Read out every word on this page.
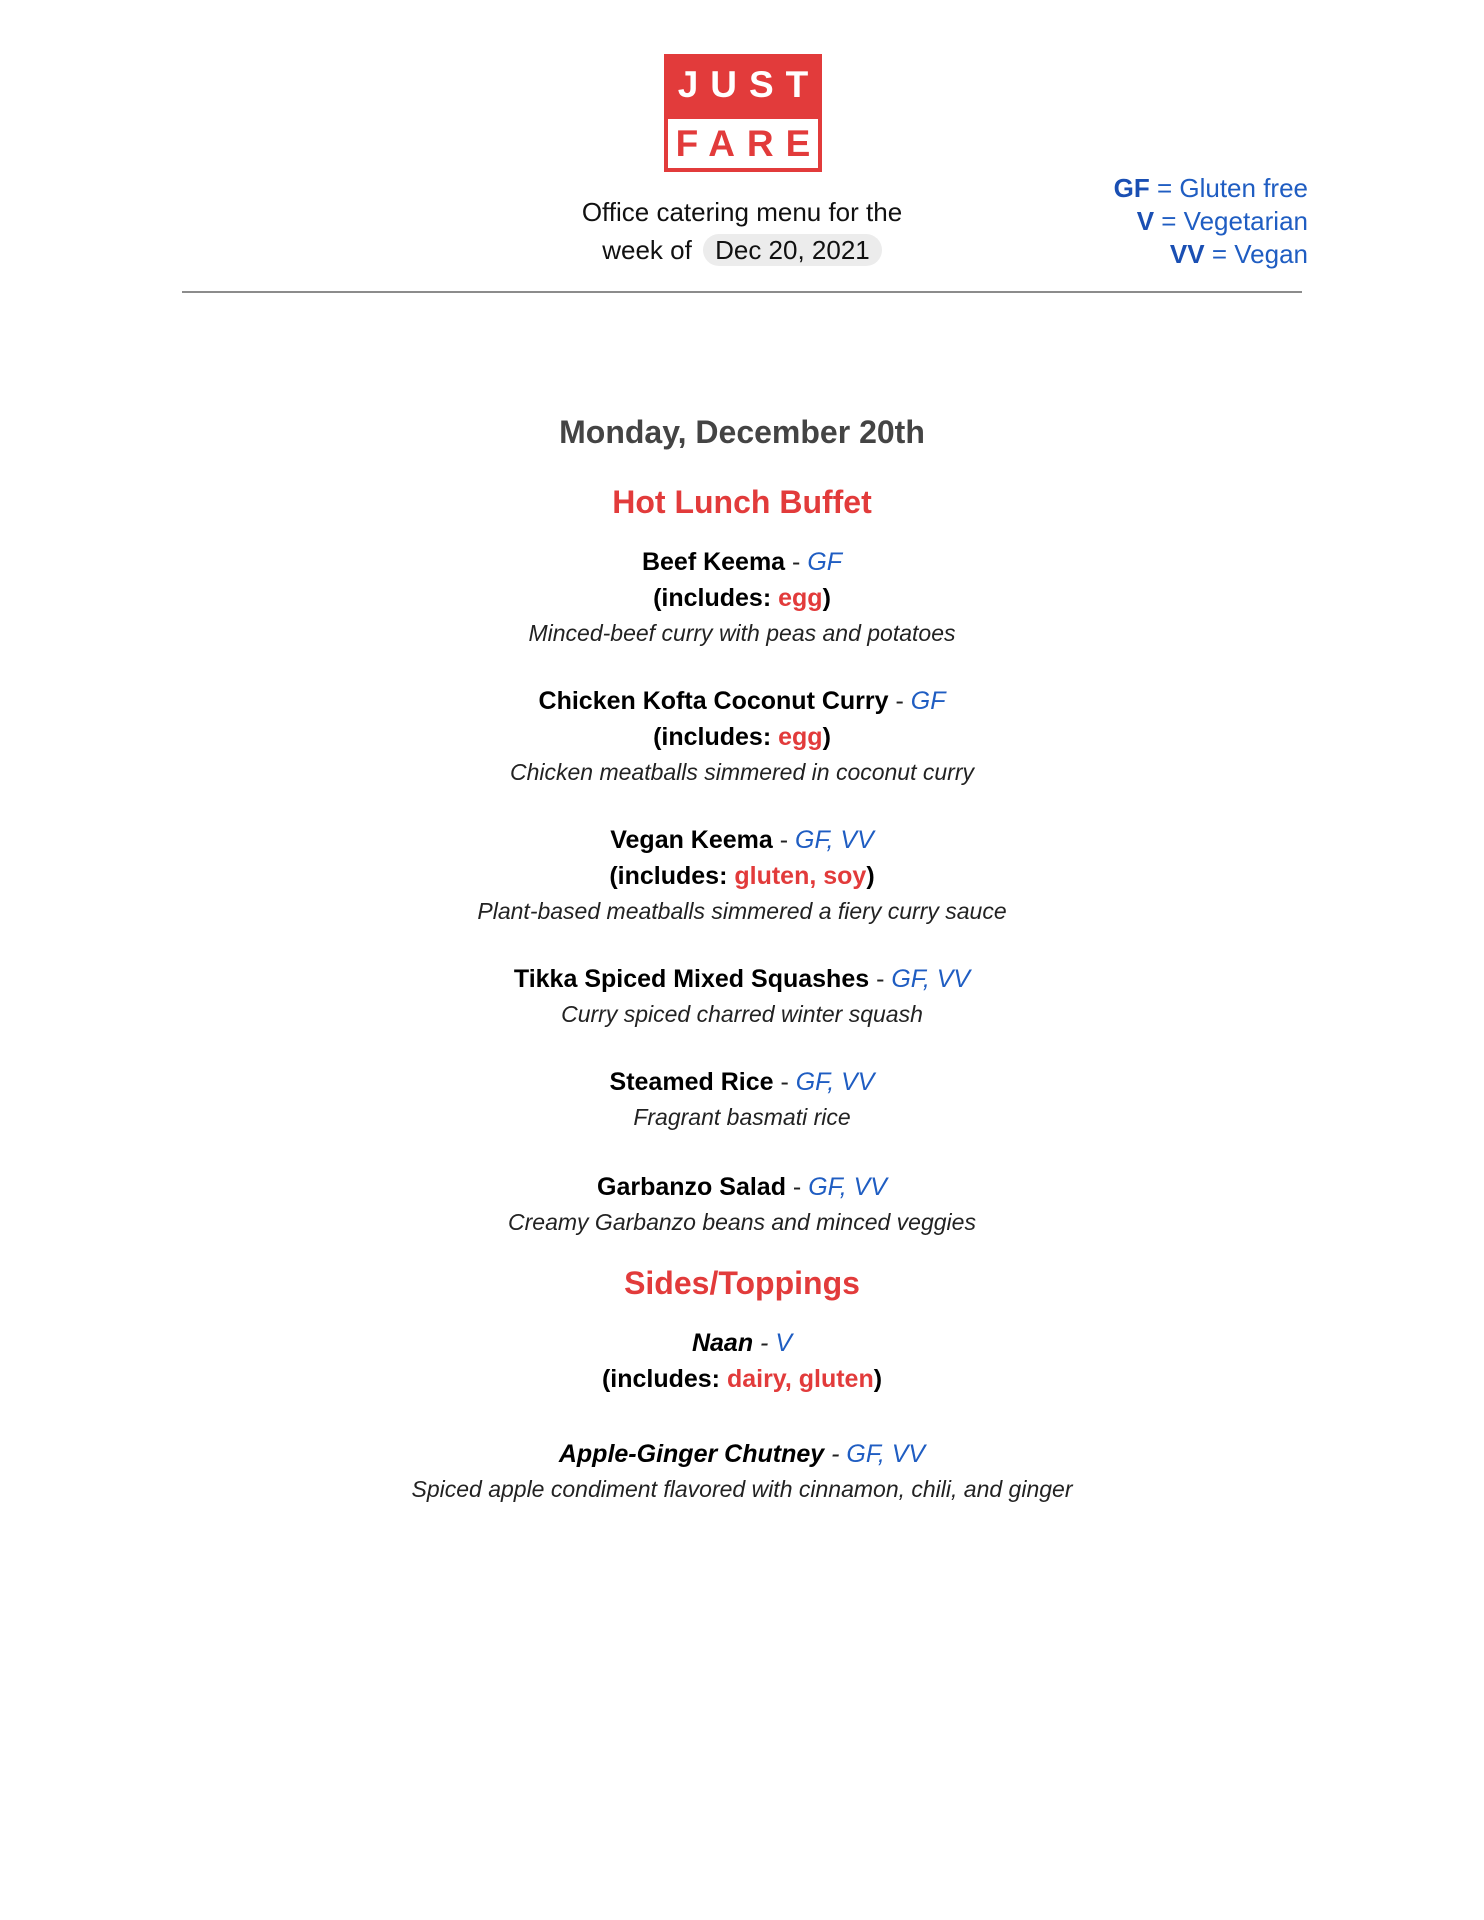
JUST
FARE
Office catering menu for the
week of Dec 20, 2021
GF = Gluten free
V = Vegetarian
VV = Vegan
Monday, December 20th
Hot Lunch Buffet
Beef Keema - GF
(includes: egg)
Minced-beef curry with peas and potatoes
Chicken Kofta Coconut Curry - GF
(includes: egg)
Chicken meatballs simmered in coconut curry
Vegan Keema - GF, VV
(includes: gluten, soy)
Plant-based meatballs simmered a fiery curry sauce
Tikka Spiced Mixed Squashes - GF, VV
Curry spiced charred winter squash
Steamed Rice - GF, VV
Fragrant basmati rice
Garbanzo Salad - GF, VV
Creamy Garbanzo beans and minced veggies
Sides/Toppings
Naan - V
(includes: dairy, gluten)
Apple-Ginger Chutney - GF, VV
Spiced apple condiment flavored with cinnamon, chili, and ginger
